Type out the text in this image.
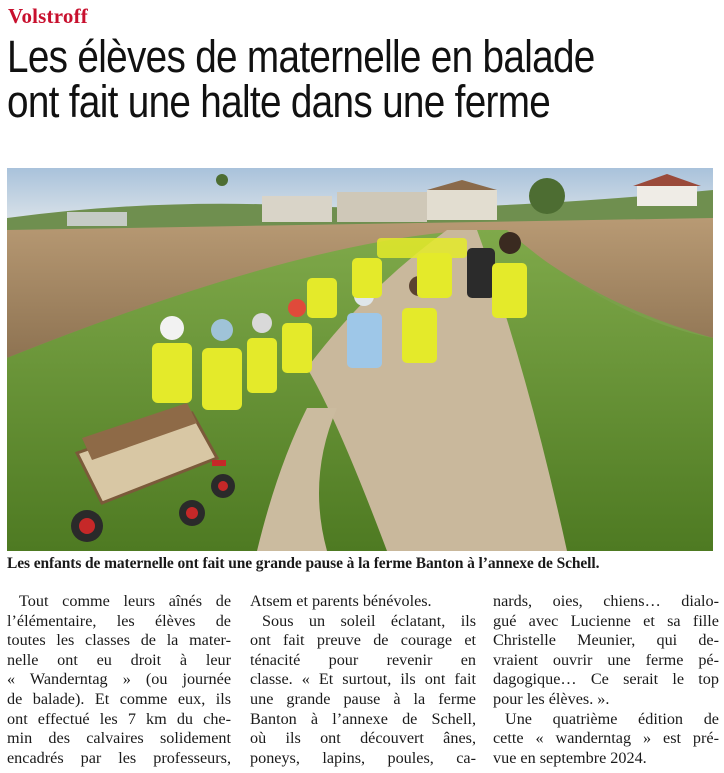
Volstroff
Les élèves de maternelle en balade
ont fait une halte dans une ferme
Les enfants de maternelle ont fait une grande pause à la ferme Banton à l’annexe de Schell.
Tout comme leurs aînés de
l’élémentaire, les élèves de
toutes les classes de la mater-
nelle ont eu droit à leur
« Wanderntag » (ou journée
de balade). Et comme eux, ils
ont effectué les 7 km du che-
min des calvaires solidement
encadrés par les professeurs,
Atsem et parents bénévoles.
Sous un soleil éclatant, ils
ont fait preuve de courage et
ténacité pour revenir en
classe. « Et surtout, ils ont fait
une grande pause à la ferme
Banton à l’annexe de Schell,
où ils ont découvert ânes,
poneys, lapins, poules, ca-
nards, oies, chiens… dialo-
gué avec Lucienne et sa fille
Christelle Meunier, qui de-
vraient ouvrir une ferme pé-
dagogique… Ce serait le top
pour les élèves. ».
Une quatrième édition de
cette « wanderntag » est pré-
vue en septembre 2024.
